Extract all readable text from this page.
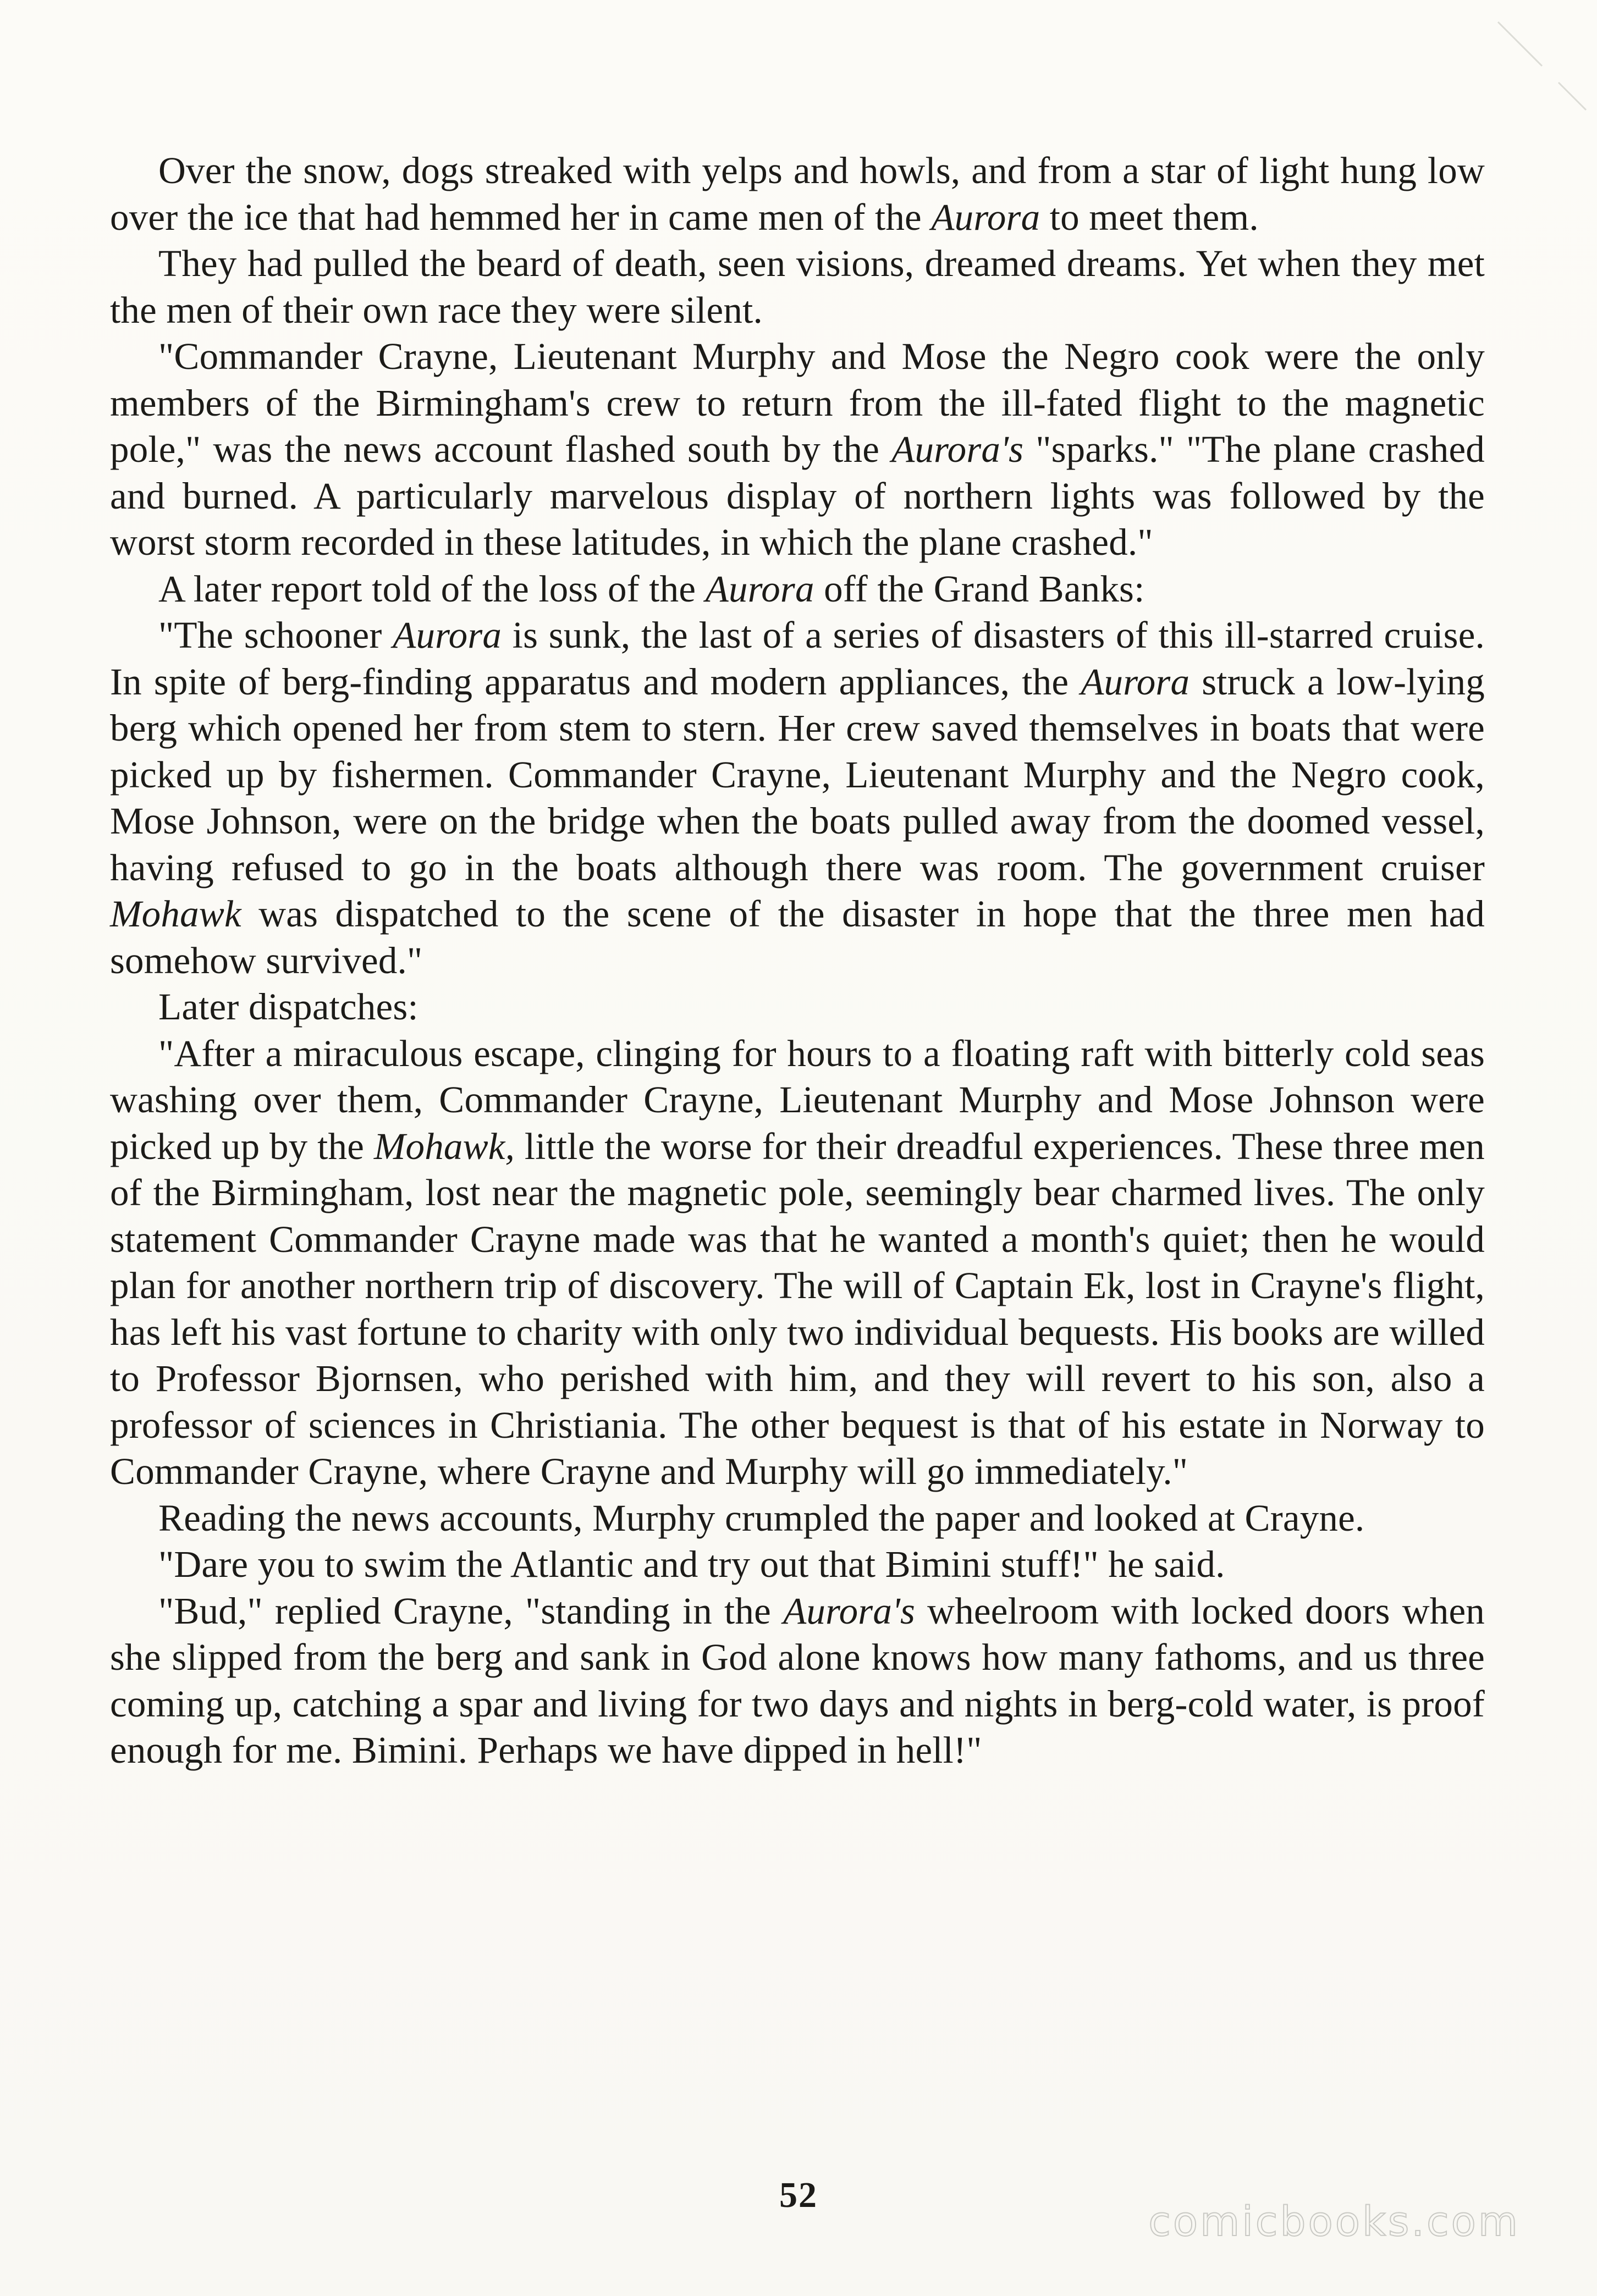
Over the snow, dogs streaked with yelps and howls, and from a star of light hung low over the ice that had hemmed her in came men of the Aurora to meet them.

They had pulled the beard of death, seen visions, dreamed dreams. Yet when they met the men of their own race they were silent.

"Commander Crayne, Lieutenant Murphy and Mose the Negro cook were the only members of the Birmingham's crew to return from the ill-fated flight to the magnetic pole," was the news account flashed south by the Aurora's "sparks." "The plane crashed and burned. A particularly marvelous display of northern lights was followed by the worst storm recorded in these latitudes, in which the plane crashed."

A later report told of the loss of the Aurora off the Grand Banks:

"The schooner Aurora is sunk, the last of a series of disasters of this ill-starred cruise. In spite of berg-finding apparatus and modern appliances, the Aurora struck a low-lying berg which opened her from stem to stern. Her crew saved themselves in boats that were picked up by fishermen. Commander Crayne, Lieutenant Murphy and the Negro cook, Mose Johnson, were on the bridge when the boats pulled away from the doomed vessel, having refused to go in the boats although there was room. The government cruiser Mohawk was dispatched to the scene of the disaster in hope that the three men had somehow survived."

Later dispatches:

"After a miraculous escape, clinging for hours to a floating raft with bitterly cold seas washing over them, Commander Crayne, Lieutenant Murphy and Mose Johnson were picked up by the Mohawk, little the worse for their dreadful experiences. These three men of the Birmingham, lost near the magnetic pole, seemingly bear charmed lives. The only statement Commander Crayne made was that he wanted a month's quiet; then he would plan for another northern trip of discovery. The will of Captain Ek, lost in Crayne's flight, has left his vast fortune to charity with only two individual bequests. His books are willed to Professor Bjornsen, who perished with him, and they will revert to his son, also a professor of sciences in Christiania. The other bequest is that of his estate in Norway to Commander Crayne, where Crayne and Murphy will go immediately."

Reading the news accounts, Murphy crumpled the paper and looked at Crayne.

"Dare you to swim the Atlantic and try out that Bimini stuff!" he said.

"Bud," replied Crayne, "standing in the Aurora's wheelroom with locked doors when she slipped from the berg and sank in God alone knows how many fathoms, and us three coming up, catching a spar and living for two days and nights in berg-cold water, is proof enough for me. Bimini. Perhaps we have dipped in hell!"

52
comicbooks.com
